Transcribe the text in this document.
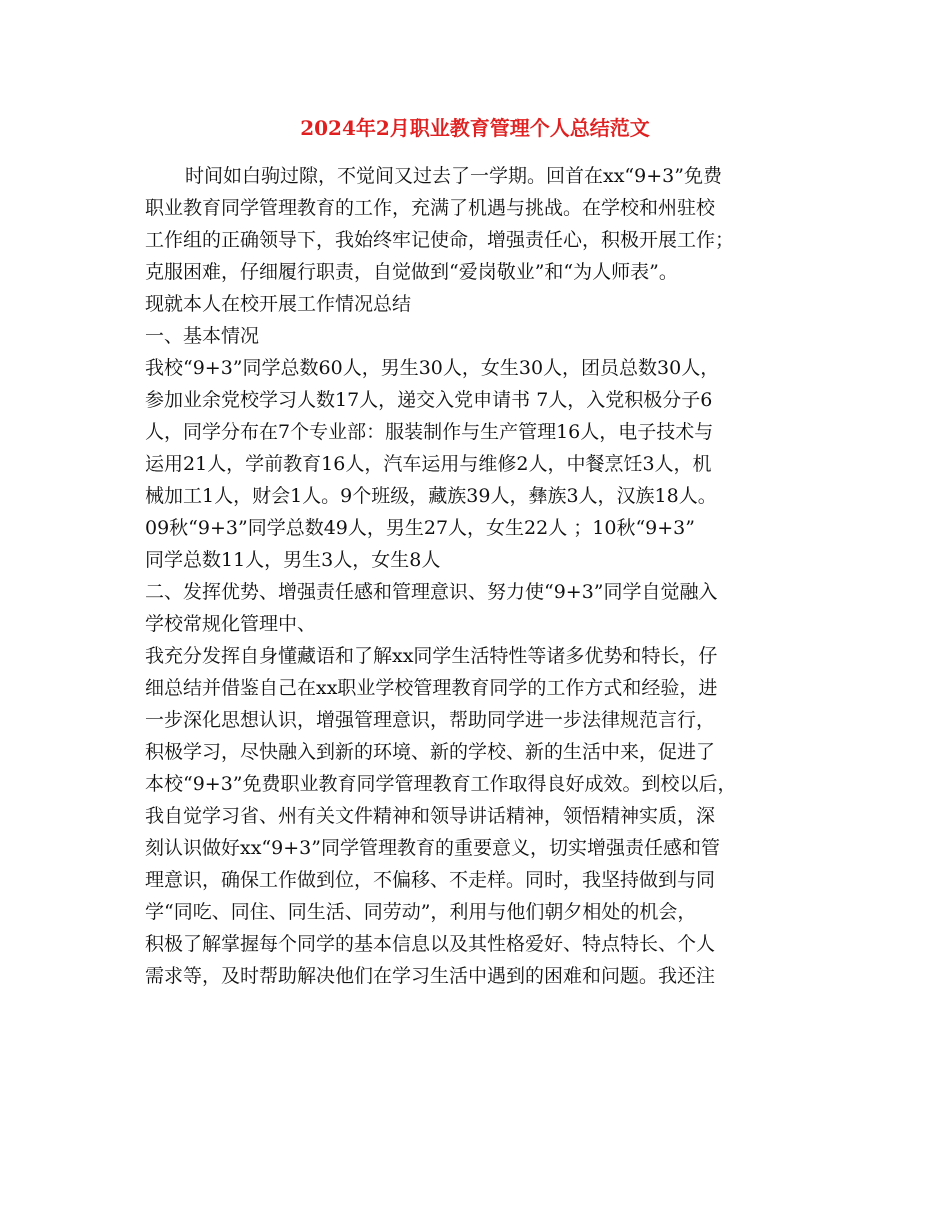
2024年2月职业教育管理个人总结范文

时间如白驹过隙，不觉间又过去了一学期。回首在xx“9+3”免费

职业教育同学管理教育的工作，充满了机遇与挑战。在学校和州驻校

工作组的正确领导下，我始终牢记使命，增强责任心，积极开展工作；

克服困难，仔细履行职责，自觉做到“爱岗敬业”和“为人师表”。

现就本人在校开展工作情况总结

一、基本情况

我校“9+3”同学总数60人，男生30人，女生30人，团员总数30人，

参加业余党校学习人数17人，递交入党申请书 7人，入党积极分子6

人，同学分布在7个专业部：服装制作与生产管理16人，电子技术与

运用21人，学前教育16人，汽车运用与维修2人，中餐烹饪3人，机

械加工1人，财会1人。9个班级，藏族39人，彝族3人，汉族18人。

09秋“9+3”同学总数49人，男生27人，女生22人 ；10秋“9+3”

同学总数11人，男生3人，女生8人

二、发挥优势、增强责任感和管理意识、努力使“9+3”同学自觉融入

学校常规化管理中、

我充分发挥自身懂藏语和了解xx同学生活特性等诸多优势和特长，仔

细总结并借鉴自己在xx职业学校管理教育同学的工作方式和经验，进

一步深化思想认识，增强管理意识，帮助同学进一步法律规范言行，

积极学习，尽快融入到新的环境、新的学校、新的生活中来，促进了

本校“9+3”免费职业教育同学管理教育工作取得良好成效。到校以后，

我自觉学习省、州有关文件精神和领导讲话精神，领悟精神实质，深

刻认识做好xx“9+3”同学管理教育的重要意义，切实增强责任感和管

理意识，确保工作做到位，不偏移、不走样。同时，我坚持做到与同

学“同吃、同住、同生活、同劳动”，利用与他们朝夕相处的机会，

积极了解掌握每个同学的基本信息以及其性格爱好、特点特长、个人

需求等，及时帮助解决他们在学习生活中遇到的困难和问题。我还注
